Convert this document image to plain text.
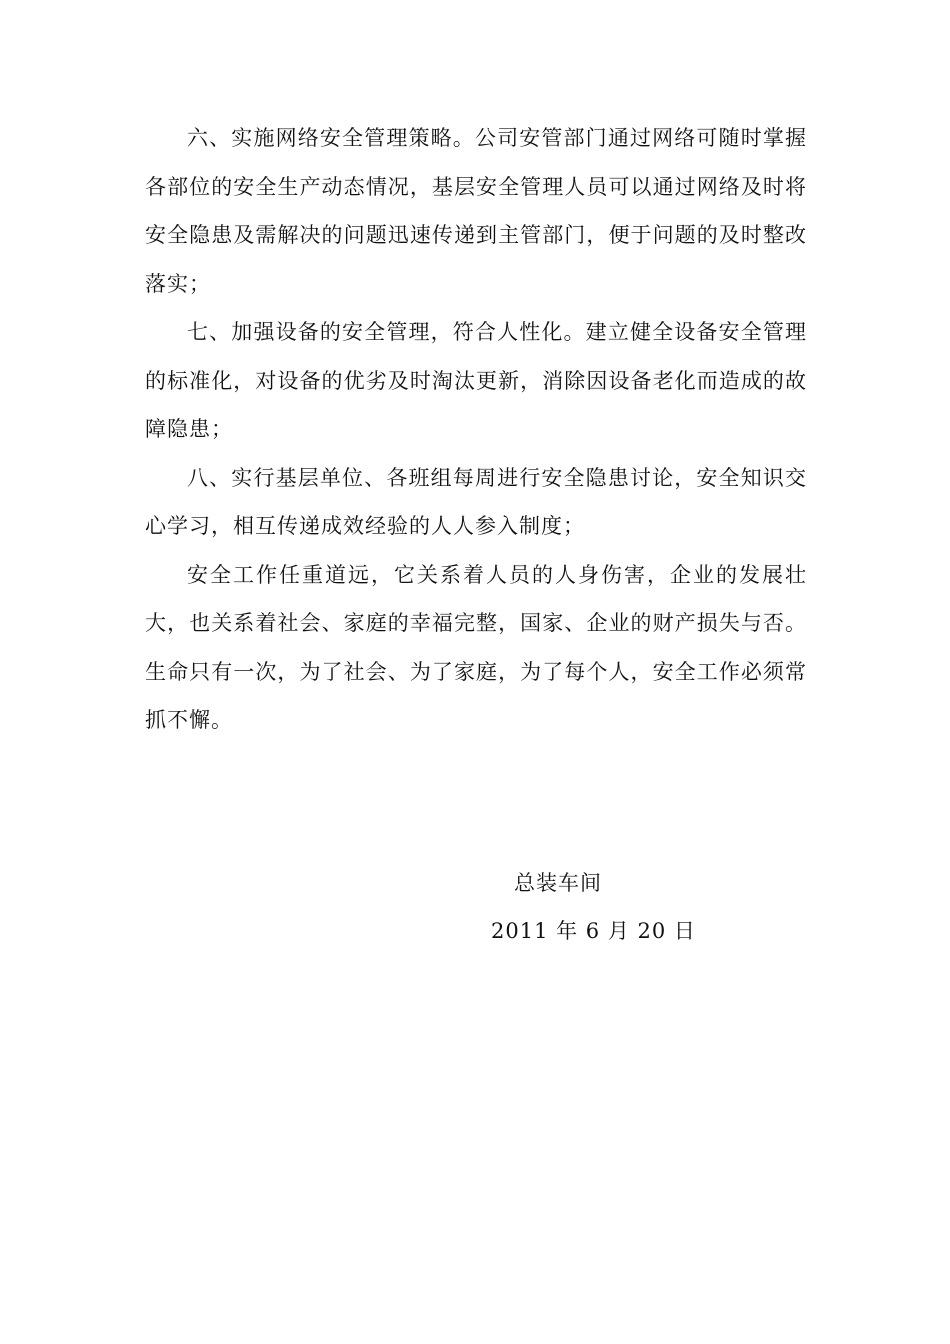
六、实施网络安全管理策略。公司安管部门通过网络可随时掌握各部位的安全生产动态情况，基层安全管理人员可以通过网络及时将安全隐患及需解决的问题迅速传递到主管部门，便于问题的及时整改落实；

七、加强设备的安全管理，符合人性化。建立健全设备安全管理的标准化，对设备的优劣及时淘汰更新，消除因设备老化而造成的故障隐患；

八、实行基层单位、各班组每周进行安全隐患讨论，安全知识交心学习，相互传递成效经验的人人参入制度；

安全工作任重道远，它关系着人员的人身伤害，企业的发展壮大，也关系着社会、家庭的幸福完整，国家、企业的财产损失与否。生命只有一次，为了社会、为了家庭，为了每个人，安全工作必须常抓不懈。

总装车间
2011 年 6 月 20 日
